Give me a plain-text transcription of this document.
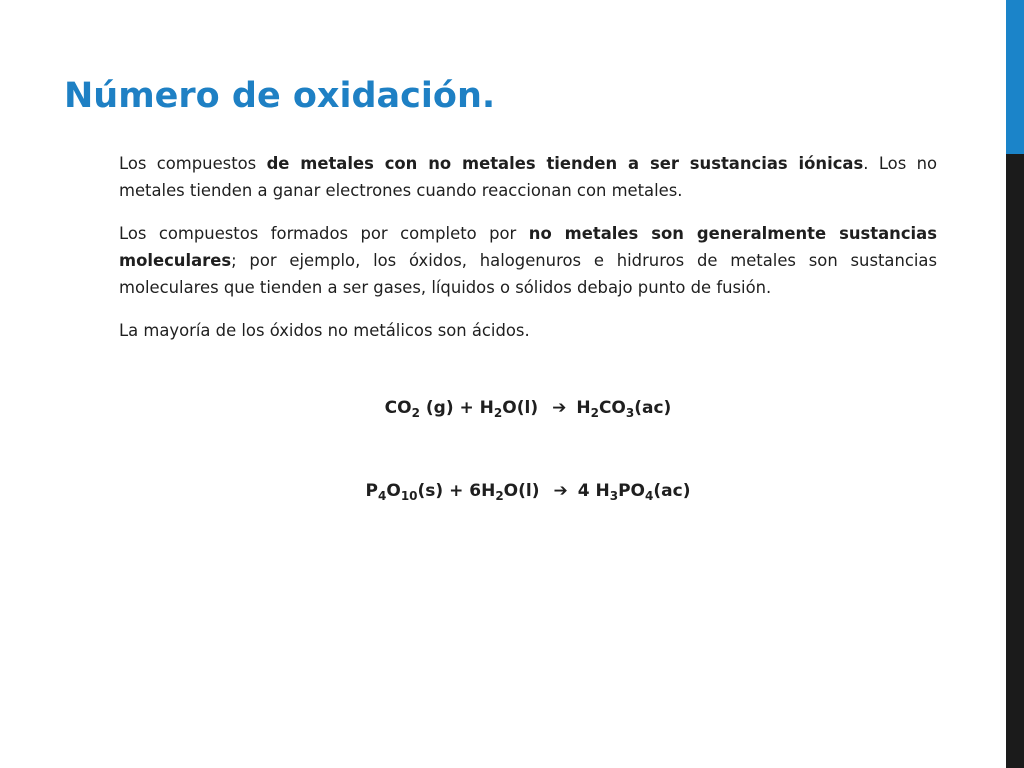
Número de oxidación.

Los compuestos de metales con no metales tienden a ser sustancias iónicas. Los no metales tienden a ganar electrones cuando reaccionan con metales.

Los compuestos formados por completo por no metales son generalmente sustancias moleculares; por ejemplo, los óxidos, halogenuros e hidruros de metales son sustancias moleculares que tienden a ser gases, líquidos o sólidos debajo punto de fusión.

La mayoría de los óxidos no metálicos son ácidos.

$CO_2$ $(g) + H_2O(l)$ ➔ $H_2CO_3(ac)$
$P_4O_{10}(s) + 6H_2O(l)$ ➔ 4 $H_3PO_4(ac)$
